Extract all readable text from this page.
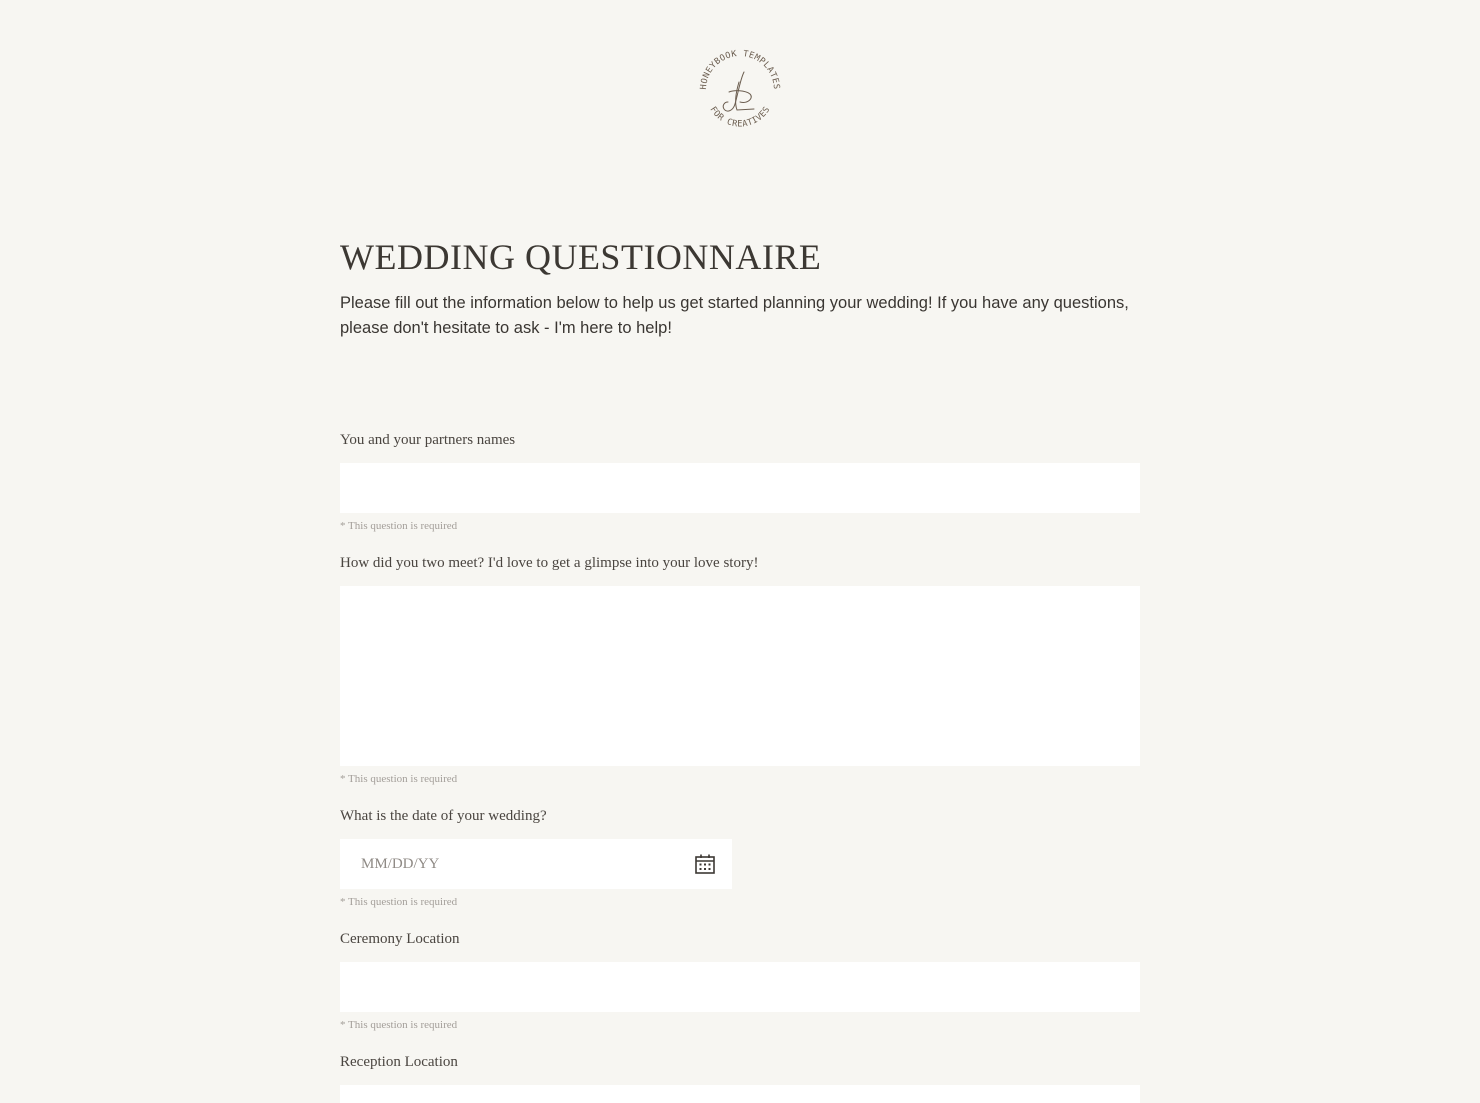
HONEYBOOK TEMPLATES
FOR CREATIVES
WEDDING QUESTIONNAIRE

Please fill out the information below to help us get started planning your wedding! If you have any questions, please don't hesitate to ask - I'm here to help!

You and your partners names
* This question is required
How did you two meet? I'd love to get a glimpse into your love story!
* This question is required
What is the date of your wedding?
MM/DD/YY
* This question is required
Ceremony Location
* This question is required
Reception Location
